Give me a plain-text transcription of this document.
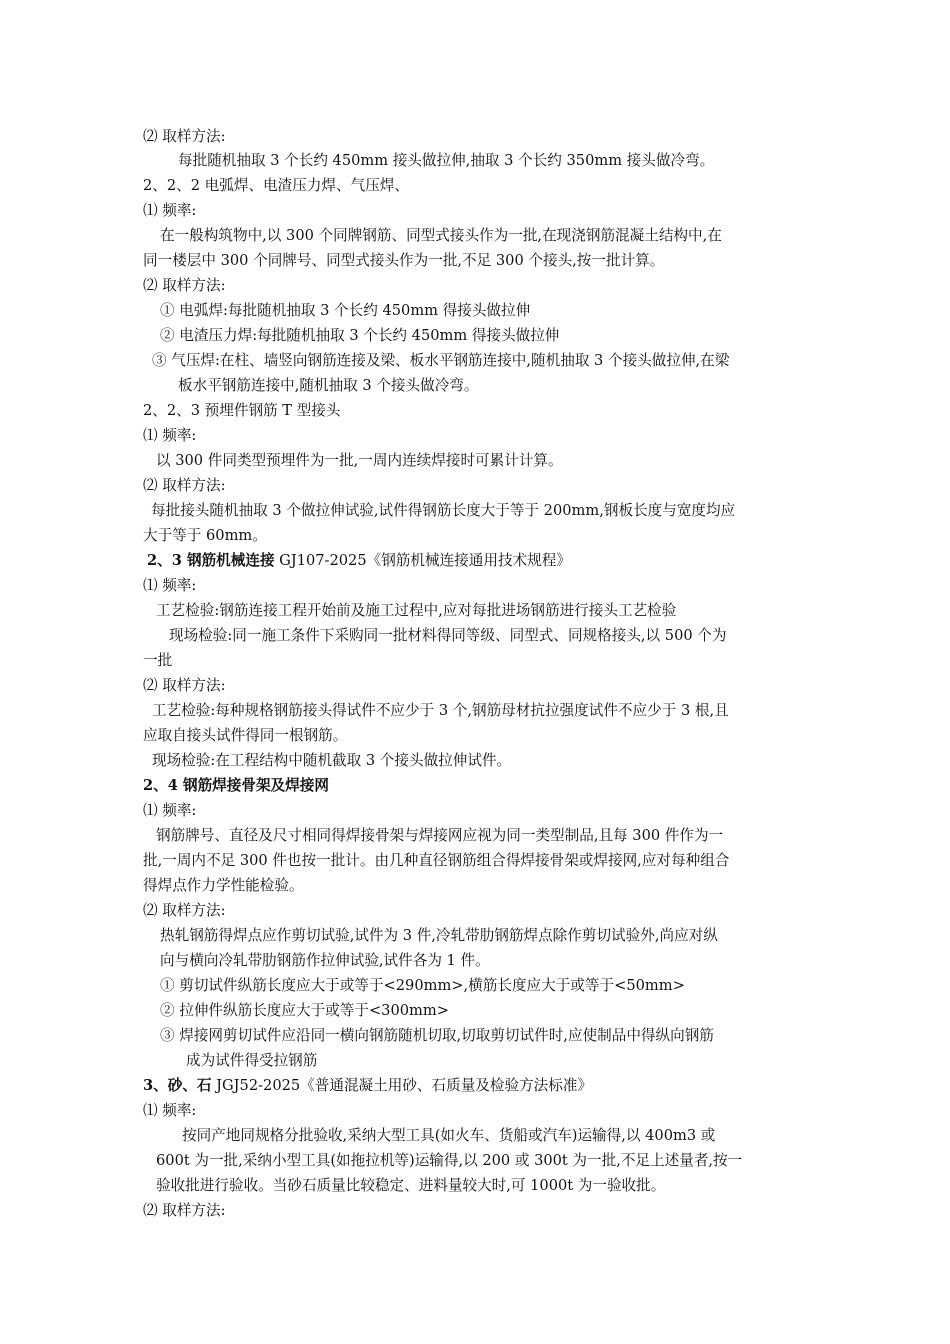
⑵ 取样方法:
每批随机抽取 3 个长约 450mm 接头做拉伸,抽取 3 个长约 350mm 接头做冷弯。
2、2、2 电弧焊、电渣压力焊、气压焊、
⑴ 频率:
在一般构筑物中,以 300 个同牌钢筋、同型式接头作为一批,在现浇钢筋混凝土结构中,在
同一楼层中 300 个同牌号、同型式接头作为一批,不足 300 个接头,按一批计算。
⑵ 取样方法:
① 电弧焊:每批随机抽取 3 个长约 450mm 得接头做拉伸
② 电渣压力焊:每批随机抽取 3 个长约 450mm 得接头做拉伸
③ 气压焊:在柱、墙竖向钢筋连接及梁、板水平钢筋连接中,随机抽取 3 个接头做拉伸,在梁
板水平钢筋连接中,随机抽取 3 个接头做冷弯。
2、2、3 预埋件钢筋 T 型接头
⑴ 频率:
以 300 件同类型预埋件为一批,一周内连续焊接时可累计计算。
⑵ 取样方法:
每批接头随机抽取 3 个做拉伸试验,试件得钢筋长度大于等于 200mm,钢板长度与宽度均应
大于等于 60mm。
2、3 钢筋机械连接 GJ107-2025《钢筋机械连接通用技术规程》
⑴ 频率:
工艺检验:钢筋连接工程开始前及施工过程中,应对每批进场钢筋进行接头工艺检验
现场检验:同一施工条件下采购同一批材料得同等级、同型式、同规格接头,以 500 个为
一批
⑵ 取样方法:
工艺检验:每种规格钢筋接头得试件不应少于 3 个,钢筋母材抗拉强度试件不应少于 3 根,且
应取自接头试件得同一根钢筋。
现场检验:在工程结构中随机截取 3 个接头做拉伸试件。
2、4 钢筋焊接骨架及焊接网
⑴ 频率:
钢筋牌号、直径及尺寸相同得焊接骨架与焊接网应视为同一类型制品,且每 300 件作为一
批,一周内不足 300 件也按一批计。由几种直径钢筋组合得焊接骨架或焊接网,应对每种组合
得焊点作力学性能检验。
⑵ 取样方法:
热轧钢筋得焊点应作剪切试验,试件为 3 件,冷轧带肋钢筋焊点除作剪切试验外,尚应对纵
向与横向冷轧带肋钢筋作拉伸试验,试件各为 1 件。
① 剪切试件纵筋长度应大于或等于<290mm>,横筋长度应大于或等于<50mm>
② 拉伸件纵筋长度应大于或等于<300mm>
③ 焊接网剪切试件应沿同一横向钢筋随机切取,切取剪切试件时,应使制品中得纵向钢筋
成为试件得受拉钢筋
3、砂、石 JGJ52-2025《普通混凝土用砂、石质量及检验方法标准》
⑴ 频率:
按同产地同规格分批验收,采纳大型工具(如火车、货船或汽车)运输得,以 400m3 或
600t 为一批,采纳小型工具(如拖拉机等)运输得,以 200 或 300t 为一批,不足上述量者,按一
验收批进行验收。当砂石质量比较稳定、进料量较大时,可 1000t 为一验收批。
⑵ 取样方法:
